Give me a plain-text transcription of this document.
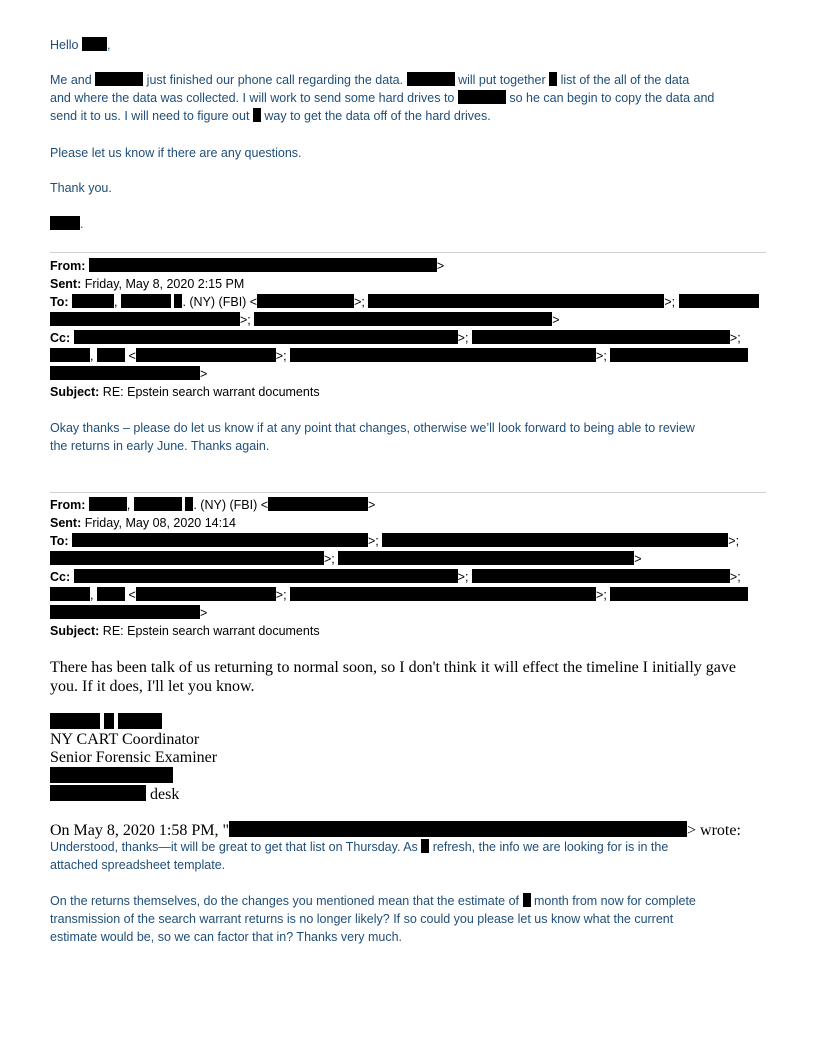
Hello ,
Me and	just finished our phone call regarding the data.	will put together list of the all of the data
and where the data was collected. I will work to send some hard drives to	so he can begin to copy the data and
send it to us. I will need to figure out way to get the data off of the hard drives.
Please let us know if there are any questions.
Thank you.
.
From:	>
Sent: Friday, May 8, 2020 2:15 PM
To:	,	. (NY) (FBI) <	>;	>;
>;	>
Cc:	>;	>;
,	<	>;	>;
>
Subject: RE: Epstein search warrant documents
Okay thanks – please do let us know if at any point that changes, otherwise we’ll look forward to being able to review
the returns in early June. Thanks again.
From:	,	. (NY) (FBI) <	>
Sent: Friday, May 08, 2020 14:14
To:	>;	>;
>;	>
Cc:	>;	>;
,	<	>;	>;
>
Subject: RE: Epstein search warrant documents
There has been talk of us returning to normal soon, so I don't think it will effect the timeline I initially gave
you. If it does, I'll let you know.

NY CART Coordinator
Senior Forensic Examiner
desk
On May 8, 2020 1:58 PM, "	> wrote:
Understood, thanks—it will be great to get that list on Thursday. As refresh, the info we are looking for is in the
attached spreadsheet template.
On the returns themselves, do the changes you mentioned mean that the estimate of month from now for complete
transmission of the search warrant returns is no longer likely? If so could you please let us know what the current
estimate would be, so we can factor that in? Thanks very much.
